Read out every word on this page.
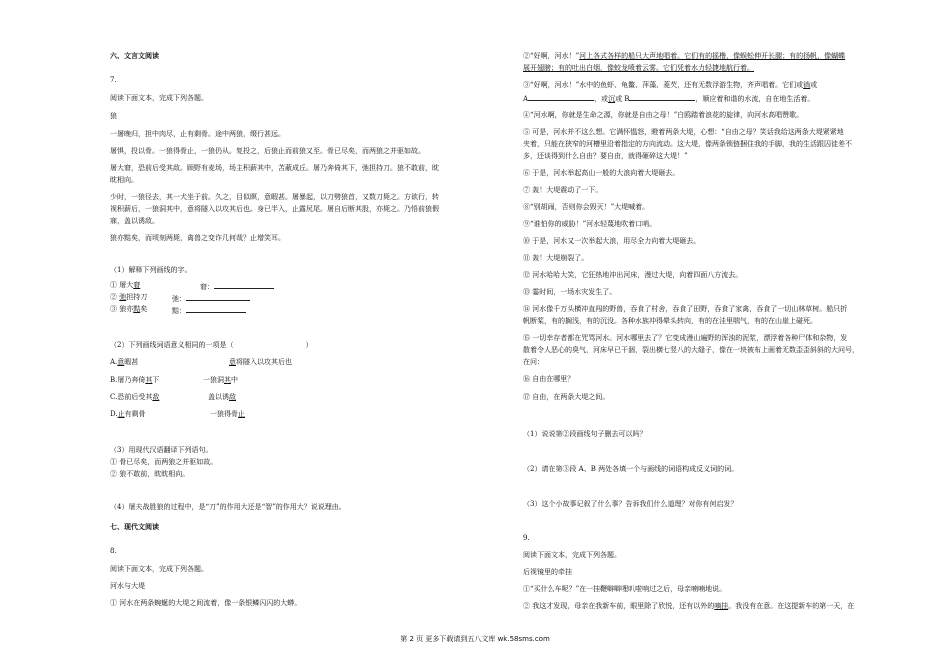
六、文言文阅读
7.
阅读下面文本，完成下列各题。
狼
一屠晚归，担中肉尽，止有剩骨。途中两狼，缀行甚远。
屠惧，投以骨。一狼得骨止，一狼仍从。复投之，后狼止而前狼又至。骨已尽矣，而两狼之并驱如故。
屠大窘，恐前后受其敌。顾野有麦场，场主积薪其中，苫蔽成丘。屠乃奔倚其下，弛担持刀。狼不敢前，眈
眈相向。
少时，一狼径去，其一犬坐于前。久之，目似瞑，意暇甚。屠暴起，以刀劈狼首，又数刀毙之。方欲行，转
视积薪后，一狼洞其中，意将隧入以攻其后也。身已半入，止露尻尾。屠自后断其股，亦毙之。乃悟前狼假
寐，盖以诱敌。
狼亦黠矣，而顷刻两毙，禽兽之变诈几何哉？止增笑耳。
（1）解释下列画线的字。
① 屠大窘	窘：
② 弛担持刀	弛：
③ 狼亦黠矣	黠：
（2）下列画线词语意义相同的一项是（	）
A.意暇甚	意将隧入以攻其后也
B.屠乃奔倚其下	一狼洞其中
C.恐前后受其敌	盖以诱敌
D.止有剩骨	一狼得骨止
（3）用现代汉语翻译下列语句。
① 骨已尽矣，而两狼之并驱如故。
② 狼不敢前，眈眈相向。
（4）屠夫战胜狼的过程中，是“刀”的作用大还是“智”的作用大？说说理由。
七、现代文阅读
8.
阅读下面文本，完成下列各题。
河水与大堤
① 河水在两条蜿蜒的大堤之间流着，像一条银鳞闪闪的大蟒。
②“好啊，河水！”河上各式各样的船只大声地唱着。它们有的摇橹，像蜈蚣伸开长腿；有的扬帆，像蝴蝶
展开翅膀；有的吐出白烟，像蛟龙喷着云雾。它们凭着水力轻捷地航行着。
③“好啊，河水！”水中的鱼虾、龟鳖、萍藻、菱芡，还有无数浮游生物，齐声唱着。它们或徜或
A	，或沉或 B	，顺应着和谐的水流，自在地生活着。
④“河水啊，你就是生命之源，你就是自由之母！”白鸥踏着浪花的旋律，向河水高唱赞歌。
⑤ 可是，河水并不这么想。它满怀愠怒，瞪着两条大堤，心想：“自由之母？笑话我给这两条大堤紧紧地
夹着，只能在狭窄的河槽里沿着指定的方向流动。这大堤，像两条锁链捆住我的手脚，我的生活跟囚徒差不
多，还谈得到什么自由？要自由，就得砸碎这大堤！”
⑥ 于是，河水举起高山一般的大浪向着大堤砸去。
⑦ 轰！大堤震动了一下。
⑧“别胡闹，否则你会毁灭！”大堤喊着。
⑨“谁怕你的威胁！”河水轻蔑地吹着口哨。
⑩ 于是，河水又一次举起大浪，用尽全力向着大堤砸去。
⑪ 轰！大堤崩裂了。
⑫ 河水哈哈大笑，它狂热地冲出河床，漫过大堤，向着四面八方流去。
⑬ 霎时间，一场水灾发生了。
⑭ 河水像千万头横冲直闯的野兽，吞食了村舍，吞食了田野，吞食了家禽，吞食了一切山林草树。船只折
帆断桨，有的搁浅，有的沉没。各种水族冲得晕头转向，有的在洼里喘气，有的在山崖上碰死。
⑮ 一切幸存者都在咒骂河水。河水哪里去了？它变成漫山遍野的浑浊的泥浆，漂浮着各种尸体和杂物，发
散着令人恶心的臭气，河床早已干涸，裂出横七竖八的大缝子，像在一块被布上画着无数歪歪斜斜的大问号，
在问：
⑯ 自由在哪里？
⑰ 自由，在两条大堤之间。
（1）说说第②段画线句子删去可以吗？
（2）请在第③段 A、B 两处各填一个与画线的词语构成反义词的词。
（3）这个小故事记叙了什么事？告诉我们什么道理？对你有何启发？
9.
阅读下面文本，完成下列各题。
后视镜里的牵挂
①“买什么车呢？”在一挂鞭噼噼哩叭啦响过之后，母亲喃喃地说。
② 我这才发现，母亲在我新车前，眼里除了欣悦，还有以外的嘀挂。我没有在意。在这提新车的第一天，在
第 2 页 更多下载请到五八文库 wk.58sms.com
